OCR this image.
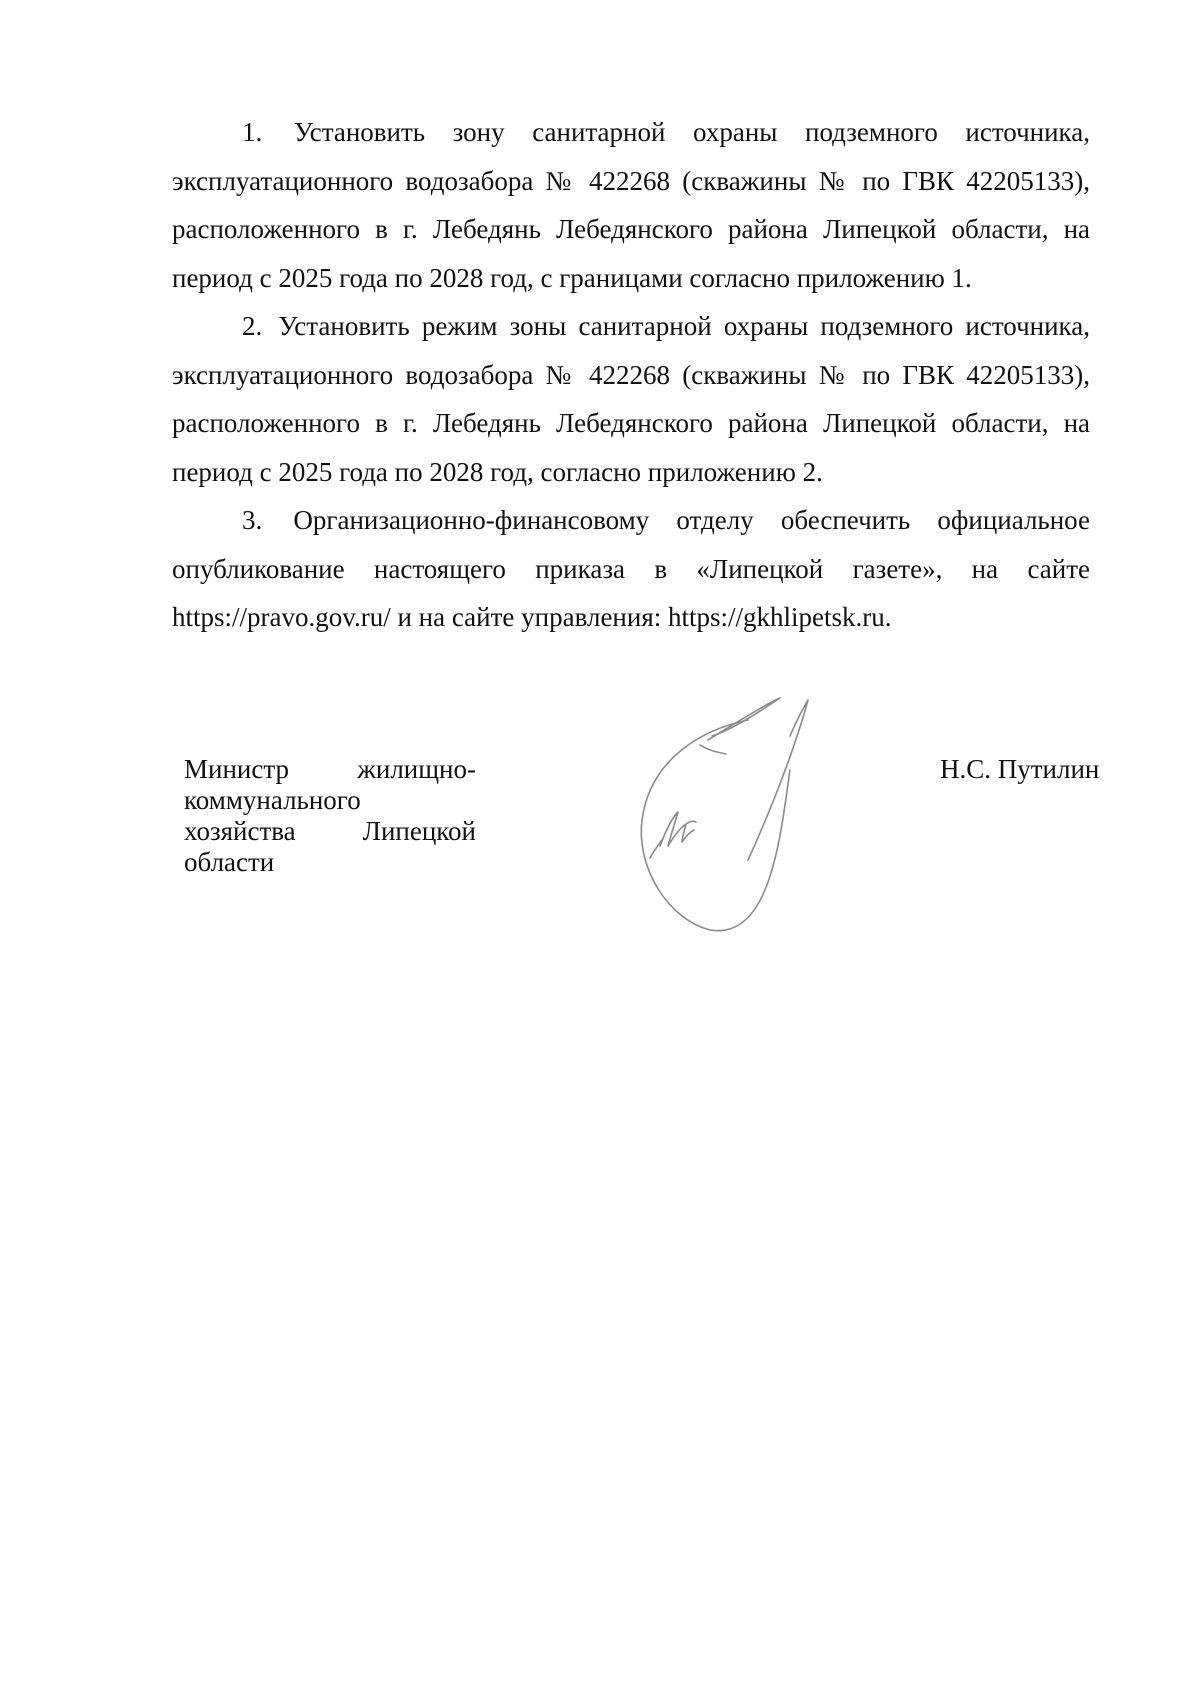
1. Установить зону санитарной охраны подземного источника, эксплуатационного водозабора № 422268 (скважины № по ГВК 42205133), расположенного в г. Лебедянь Лебедянского района Липецкой области, на период с 2025 года по 2028 год, с границами согласно приложению 1.

2. Установить режим зоны санитарной охраны подземного источника, эксплуатационного водозабора № 422268 (скважины № по ГВК 42205133), расположенного в г. Лебедянь Лебедянского района Липецкой области, на период с 2025 года по 2028 год, согласно приложению 2.

3. Организационно-финансовому отделу обеспечить официальное опубликование настоящего приказа в «Липецкой газете», на сайте https://pravo.gov.ru/ и на сайте управления: https://gkhlipetsk.ru.

Министр жилищно-коммунального хозяйства Липецкой области

Н.С. Путилин
